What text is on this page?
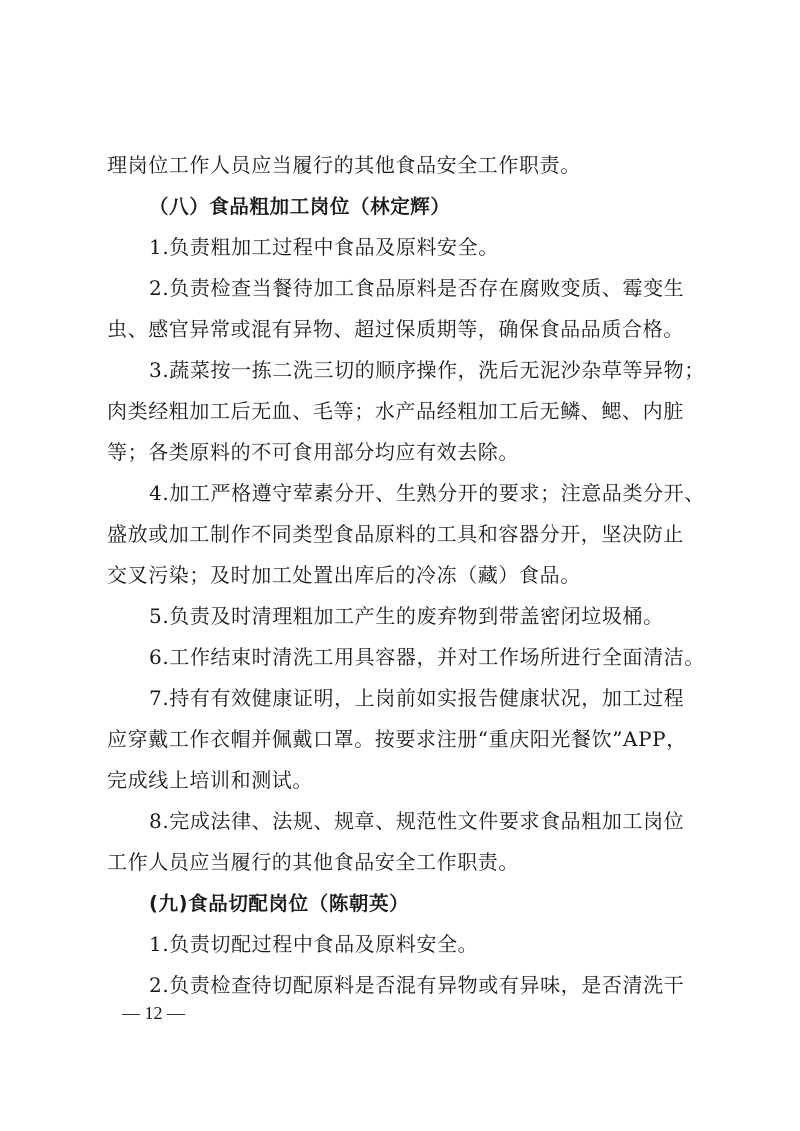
理岗位工作人员应当履行的其他食品安全工作职责。
（八）食品粗加工岗位（林定辉）
1.负责粗加工过程中食品及原料安全。
2.负责检查当餐待加工食品原料是否存在腐败变质、霉变生
虫、感官异常或混有异物、超过保质期等，确保食品品质合格。
3.蔬菜按一拣二洗三切的顺序操作，洗后无泥沙杂草等异物；
肉类经粗加工后无血、毛等；水产品经粗加工后无鳞、鳃、内脏
等；各类原料的不可食用部分均应有效去除。
4.加工严格遵守荤素分开、生熟分开的要求；注意品类分开、
盛放或加工制作不同类型食品原料的工具和容器分开，坚决防止
交叉污染；及时加工处置出库后的冷冻（藏）食品。
5.负责及时清理粗加工产生的废弃物到带盖密闭垃圾桶。
6.工作结束时清洗工用具容器，并对工作场所进行全面清洁。
7.持有有效健康证明，上岗前如实报告健康状况，加工过程
应穿戴工作衣帽并佩戴口罩。按要求注册“重庆阳光餐饮”APP，
完成线上培训和测试。
8.完成法律、法规、规章、规范性文件要求食品粗加工岗位
工作人员应当履行的其他食品安全工作职责。
(九)食品切配岗位（陈朝英）
1.负责切配过程中食品及原料安全。
2.负责检查待切配原料是否混有异物或有异味，是否清洗干
— 12 —
